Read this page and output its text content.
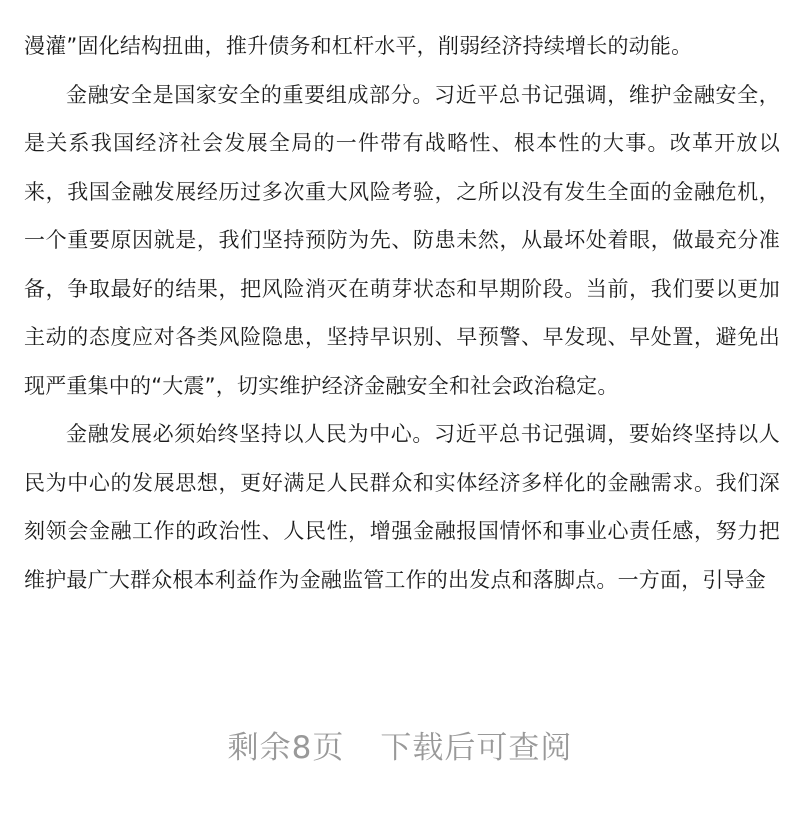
漫灌”固化结构扭曲，推升债务和杠杆水平，削弱经济持续增长的动能。

金融安全是国家安全的重要组成部分。习近平总书记强调，维护金融安全，是关系我国经济社会发展全局的一件带有战略性、根本性的大事。改革开放以来，我国金融发展经历过多次重大风险考验，之所以没有发生全面的金融危机，一个重要原因就是，我们坚持预防为先、防患未然，从最坏处着眼，做最充分准备，争取最好的结果，把风险消灭在萌芽状态和早期阶段。当前，我们要以更加主动的态度应对各类风险隐患，坚持早识别、早预警、早发现、早处置，避免出现严重集中的“大震”，切实维护经济金融安全和社会政治稳定。

金融发展必须始终坚持以人民为中心。习近平总书记强调，要始终坚持以人民为中心的发展思想，更好满足人民群众和实体经济多样化的金融需求。我们深刻领会金融工作的政治性、人民性，增强金融报国情怀和事业心责任感，努力把维护最广大群众根本利益作为金融监管工作的出发点和落脚点。一方面，引导金

剩余8页 下载后可查阅
